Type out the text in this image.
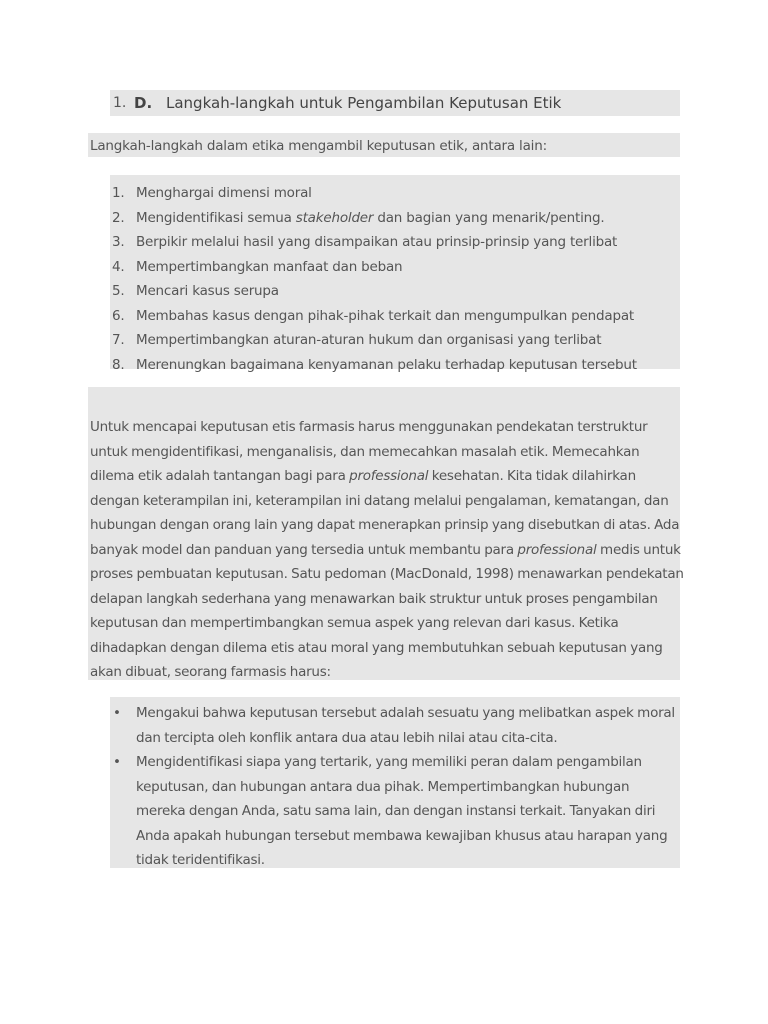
1. D. Langkah-langkah untuk Pengambilan Keputusan Etik
Langkah-langkah dalam etika mengambil keputusan etik, antara lain:
1. Menghargai dimensi moral
2. Mengidentifikasi semua stakeholder dan bagian yang menarik/penting.
3. Berpikir melalui hasil yang disampaikan atau prinsip-prinsip yang terlibat
4. Mempertimbangkan manfaat dan beban
5. Mencari kasus serupa
6. Membahas kasus dengan pihak-pihak terkait dan mengumpulkan pendapat
7. Mempertimbangkan aturan-aturan hukum dan organisasi yang terlibat
8. Merenungkan bagaimana kenyamanan pelaku terhadap keputusan tersebut

Untuk mencapai keputusan etis farmasis harus menggunakan pendekatan terstruktur untuk mengidentifikasi, menganalisis, dan memecahkan masalah etik. Memecahkan dilema etik adalah tantangan bagi para professional kesehatan. Kita tidak dilahirkan dengan keterampilan ini, keterampilan ini datang melalui pengalaman, kematangan, dan hubungan dengan orang lain yang dapat menerapkan prinsip yang disebutkan di atas. Ada banyak model dan panduan yang tersedia untuk membantu para professional medis untuk proses pembuatan keputusan. Satu pedoman (MacDonald, 1998) menawarkan pendekatan delapan langkah sederhana yang menawarkan baik struktur untuk proses pengambilan keputusan dan mempertimbangkan semua aspek yang relevan dari kasus. Ketika dihadapkan dengan dilema etis atau moral yang membutuhkan sebuah keputusan yang akan dibuat, seorang farmasis harus:

• Mengakui bahwa keputusan tersebut adalah sesuatu yang melibatkan aspek moral dan tercipta oleh konflik antara dua atau lebih nilai atau cita-cita.
• Mengidentifikasi siapa yang tertarik, yang memiliki peran dalam pengambilan keputusan, dan hubungan antara dua pihak. Mempertimbangkan hubungan mereka dengan Anda, satu sama lain, dan dengan instansi terkait. Tanyakan diri Anda apakah hubungan tersebut membawa kewajiban khusus atau harapan yang tidak teridentifikasi.
